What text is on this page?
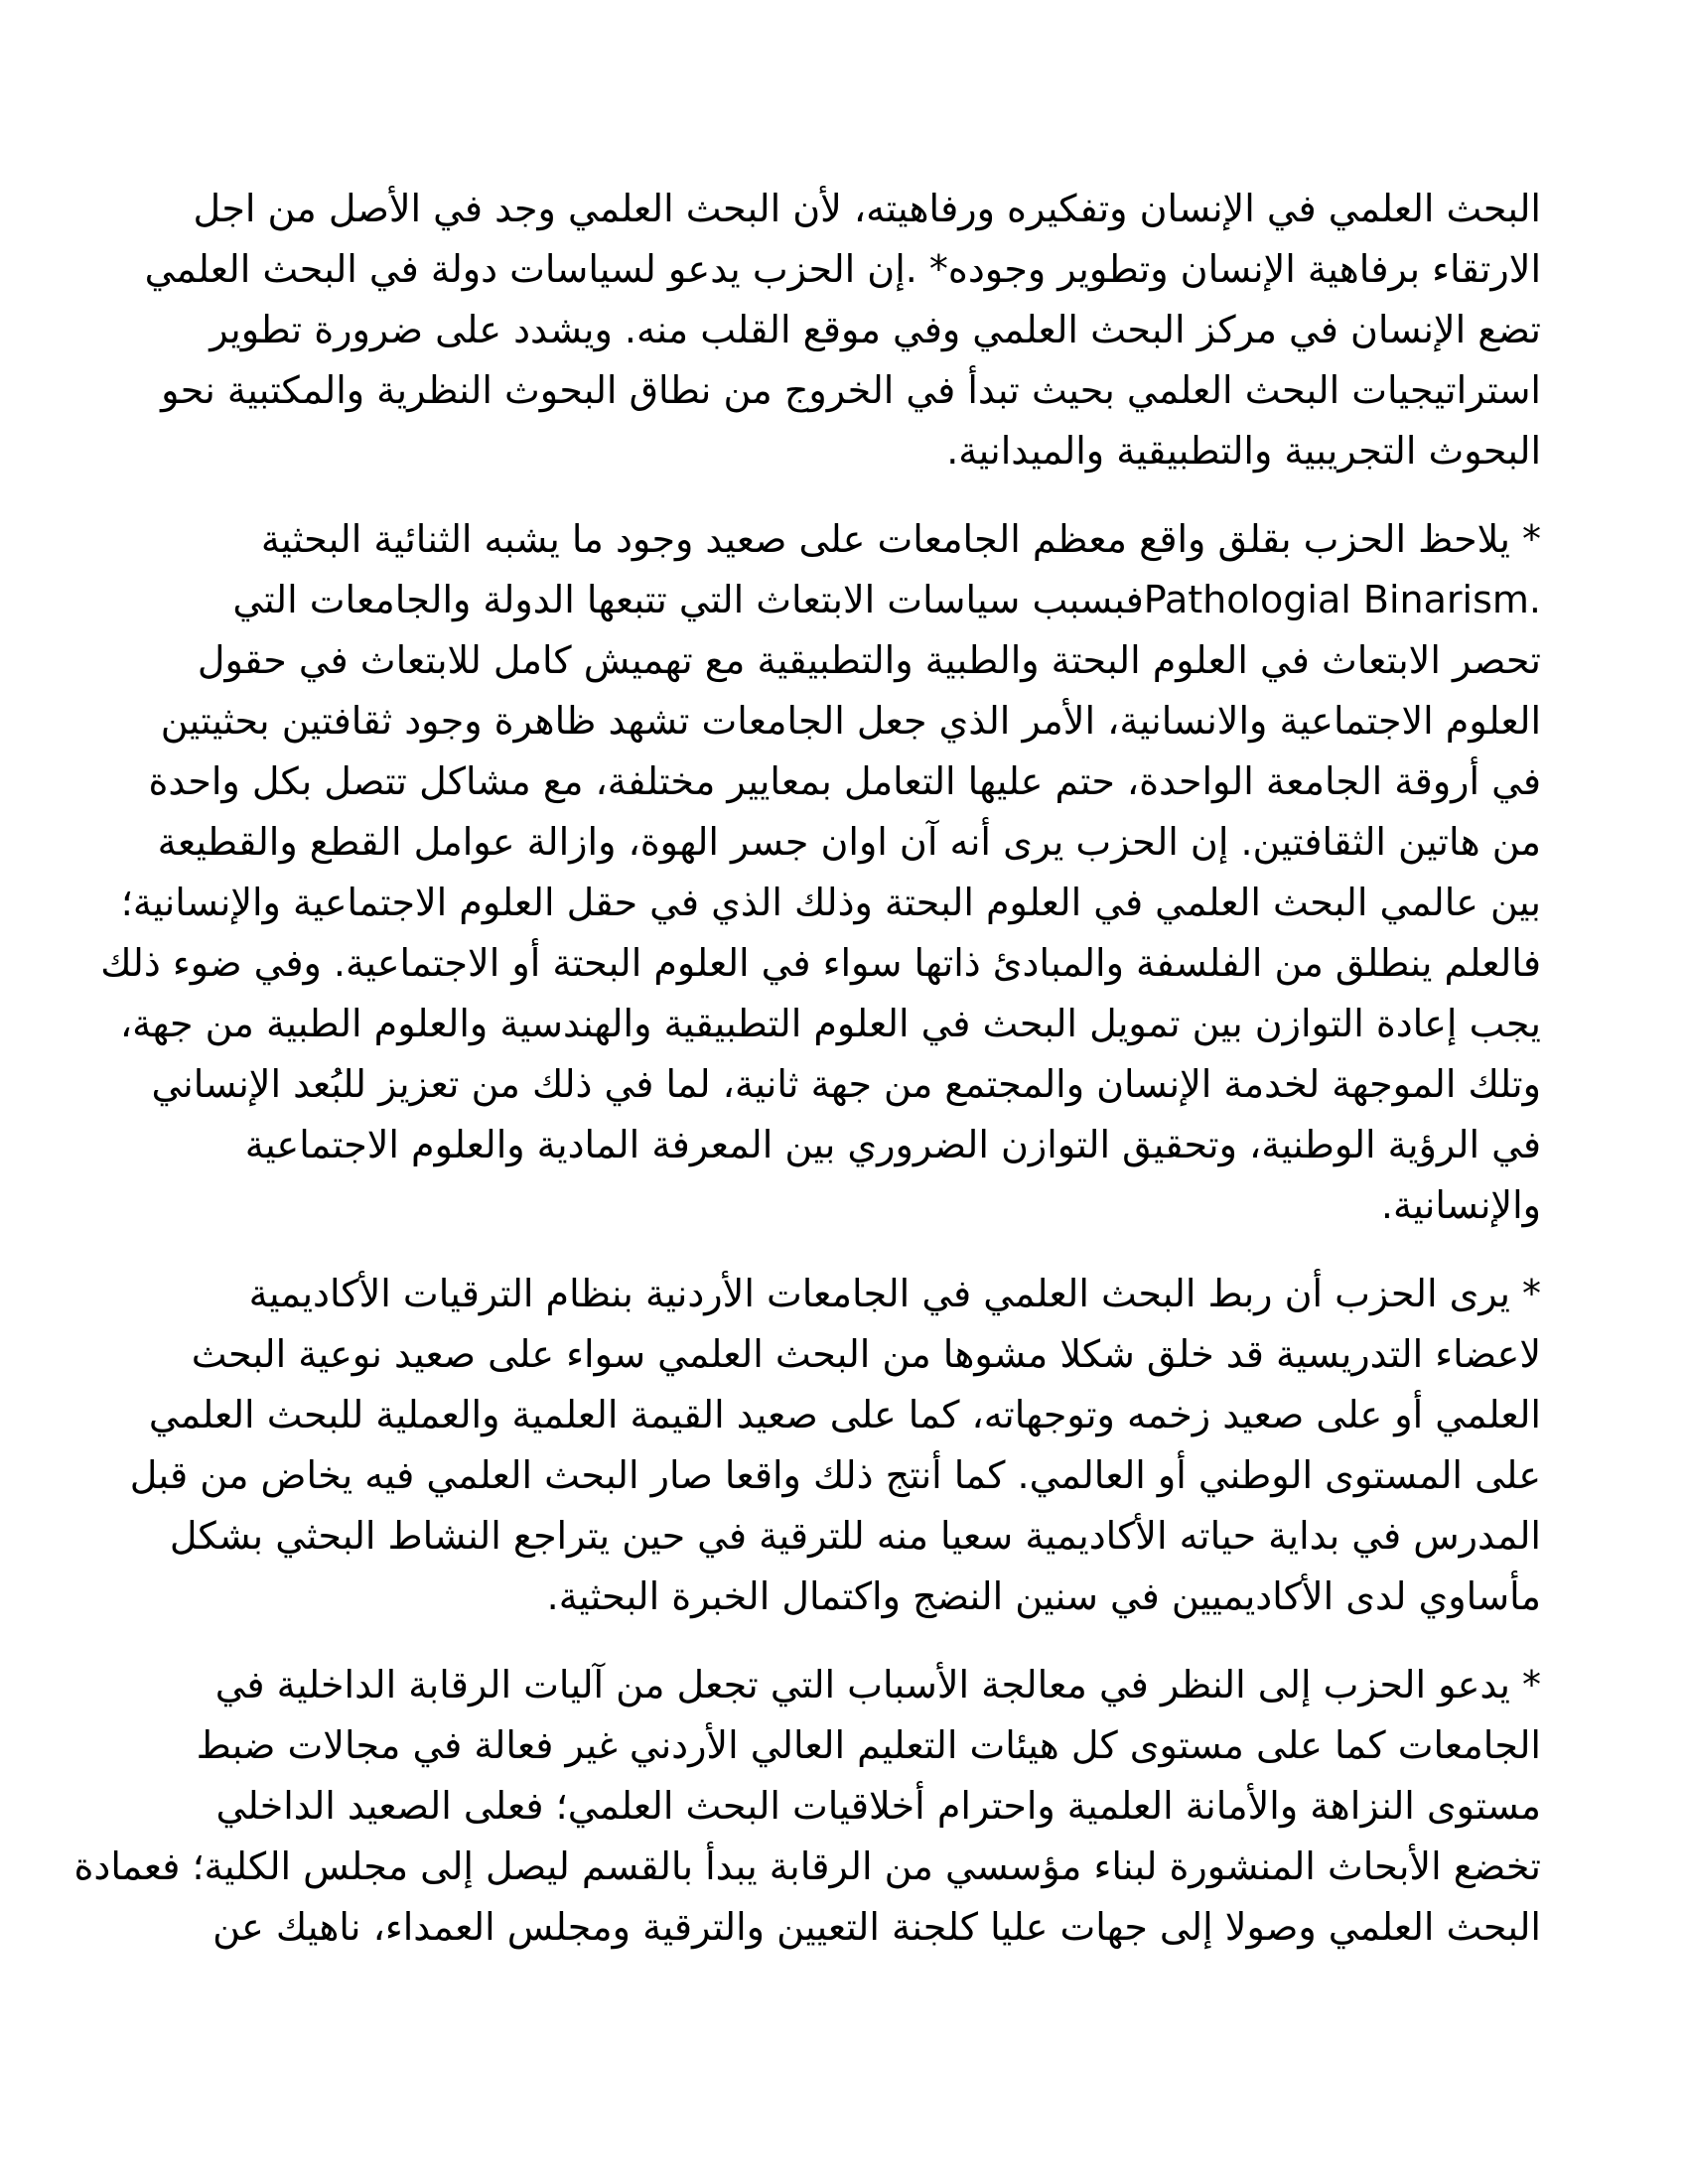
البحث العلمي في الإنسان وتفكيره ورفاهيته، لأن البحث العلمي وجد في الأصل من اجل
الارتقاء برفاهية الإنسان وتطوير وجوده* .إن الحزب يدعو لسياسات دولة في البحث العلمي
تضع الإنسان في مركز البحث العلمي وفي موقع القلب منه. ويشدد على ضرورة تطوير
استراتيجيات البحث العلمي بحيث تبدأ في الخروج من نطاق البحوث النظرية والمكتبية نحو
البحوث التجريبية والتطبيقية والميدانية.
* يلاحظ الحزب بقلق واقع معظم الجامعات على صعيد وجود ما يشبه الثنائية البحثية
.Pathologial Binarismفبسبب سياسات الابتعاث التي تتبعها الدولة والجامعات التي
تحصر الابتعاث في العلوم البحتة والطبية والتطبيقية مع تهميش كامل للابتعاث في حقول
العلوم الاجتماعية والانسانية، الأمر الذي جعل الجامعات تشهد ظاهرة وجود ثقافتين بحثيتين
في أروقة الجامعة الواحدة، حتم عليها التعامل بمعايير مختلفة، مع مشاكل تتصل بكل واحدة
من هاتين الثقافتين. إن الحزب يرى أنه آن اوان جسر الهوة، وازالة عوامل القطع والقطيعة
بين عالمي البحث العلمي في العلوم البحتة وذلك الذي في حقل العلوم الاجتماعية والإنسانية؛
فالعلم ينطلق من الفلسفة والمبادئ ذاتها سواء في العلوم البحتة أو الاجتماعية. وفي ضوء ذلك
يجب إعادة التوازن بين تمويل البحث في العلوم التطبيقية والهندسية والعلوم الطبية من جهة،
وتلك الموجهة لخدمة الإنسان والمجتمع من جهة ثانية، لما في ذلك من تعزيز للبُعد الإنساني
في الرؤية الوطنية، وتحقيق التوازن الضروري بين المعرفة المادية والعلوم الاجتماعية
والإنسانية.
* يرى الحزب أن ربط البحث العلمي في الجامعات الأردنية بنظام الترقيات الأكاديمية
لاعضاء التدريسية قد خلق شكلا مشوها من البحث العلمي سواء على صعيد نوعية البحث
العلمي أو على صعيد زخمه وتوجهاته، كما على صعيد القيمة العلمية والعملية للبحث العلمي
على المستوى الوطني أو العالمي. كما أنتج ذلك واقعا صار البحث العلمي فيه يخاض من قبل
المدرس في بداية حياته الأكاديمية سعيا منه للترقية في حين يتراجع النشاط البحثي بشكل
مأساوي لدى الأكاديميين في سنين النضج واكتمال الخبرة البحثية.
* يدعو الحزب إلى النظر في معالجة الأسباب التي تجعل من آليات الرقابة الداخلية في
الجامعات كما على مستوى كل هيئات التعليم العالي الأردني غير فعالة في مجالات ضبط
مستوى النزاهة والأمانة العلمية واحترام أخلاقيات البحث العلمي؛ فعلى الصعيد الداخلي
تخضع الأبحاث المنشورة لبناء مؤسسي من الرقابة يبدأ بالقسم ليصل إلى مجلس الكلية؛ فعمادة
البحث العلمي وصولا إلى جهات عليا كلجنة التعيين والترقية ومجلس العمداء، ناهيك عن
